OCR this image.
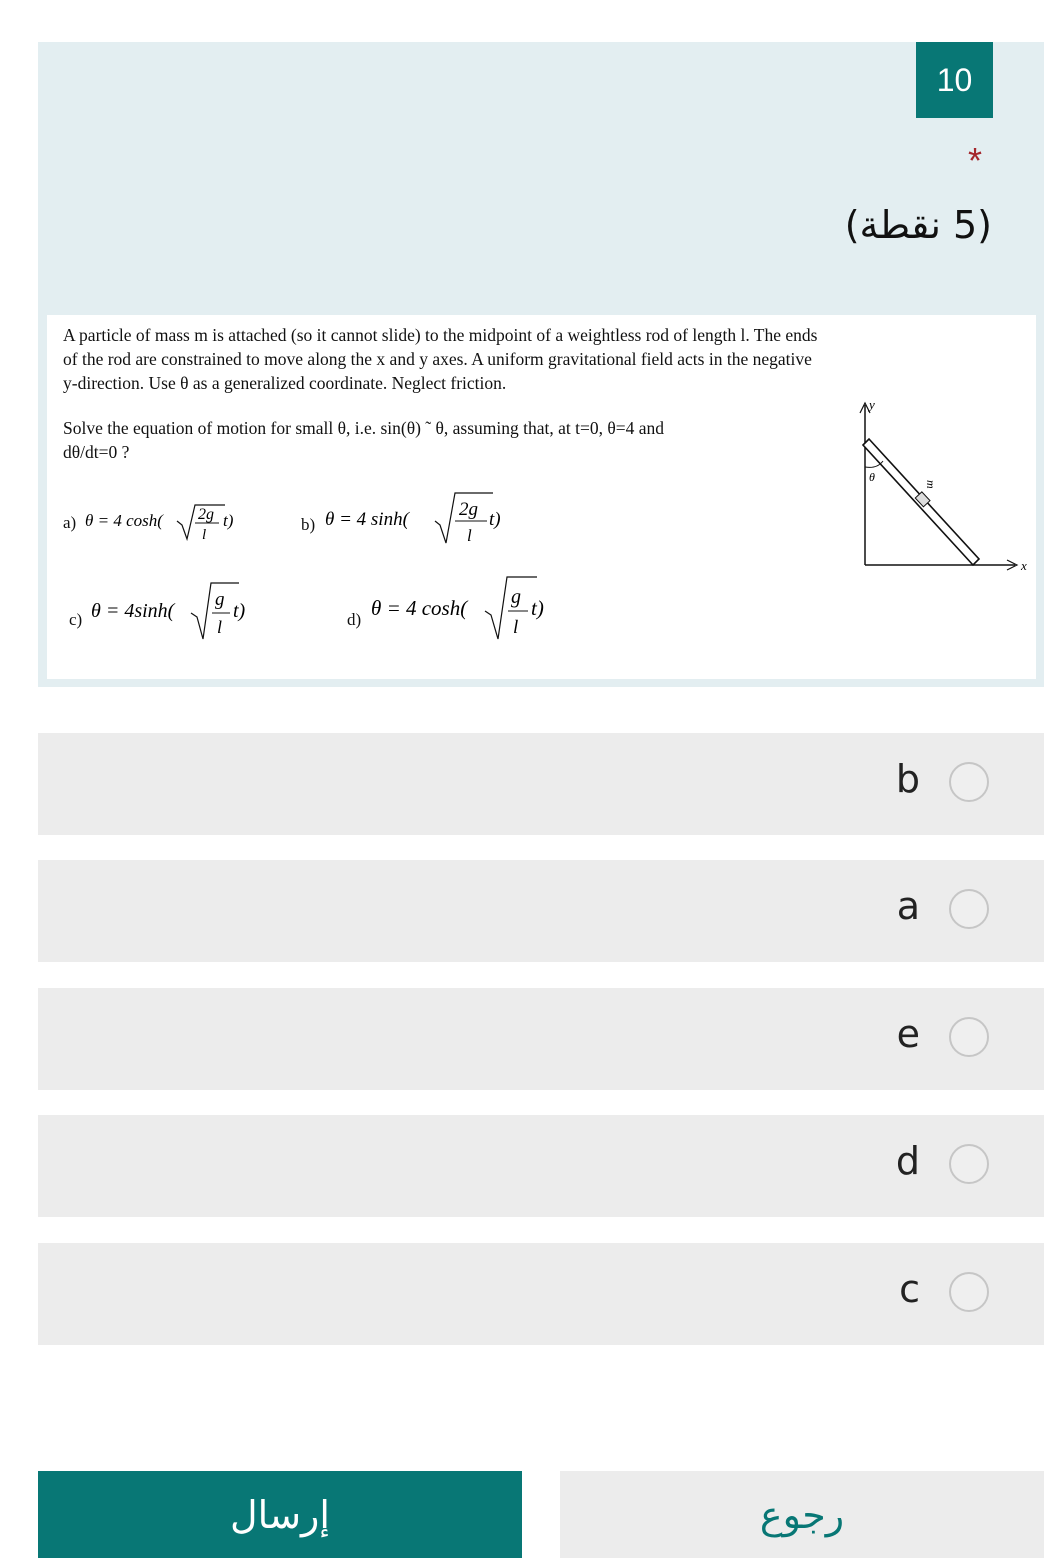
10
*
(5 نقطة)
A particle of mass m is attached (so it cannot slide) to the midpoint of a weightless rod of length l. The ends
of the rod are constrained to move along the x and y axes. A uniform gravitational field acts in the negative
y-direction. Use θ as a generalized coordinate. Neglect friction.
Solve the equation of motion for small θ, i.e. sin(θ) ˜ θ, assuming that, at t=0, θ=4 and
dθ/dt=0 ?
a) θ = 4 cosh( 2g
l
t)	b) θ = 4 sinh(	2g
l
t)
c) θ = 4sinh(
g
l
t)	d) θ = 4 cosh( g
l
t)
y
x
θ
m
b
a
e
d
c
إرسال	رجوع
